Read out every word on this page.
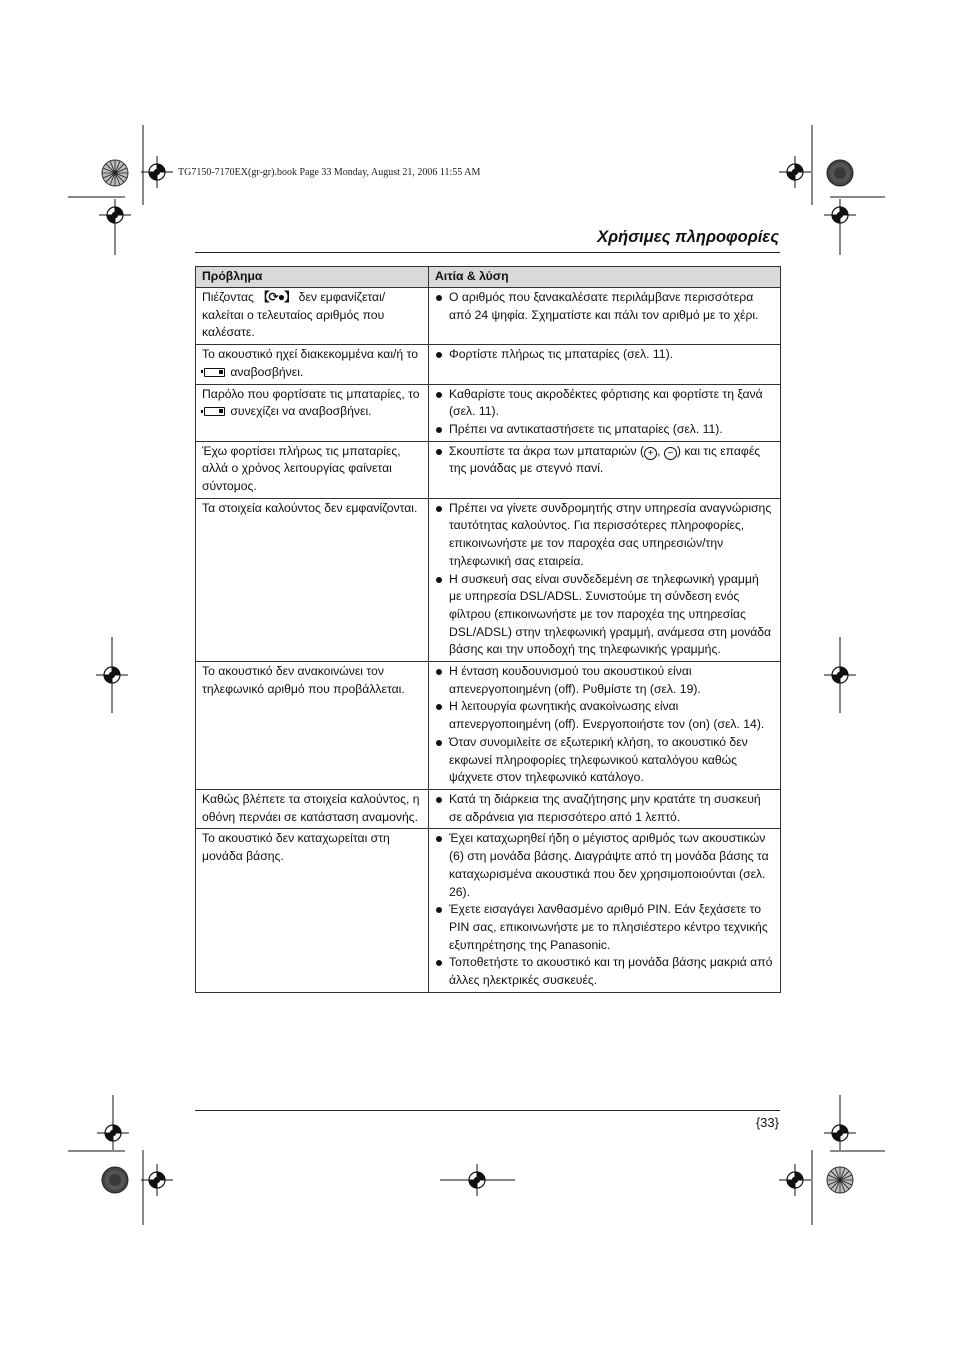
TG7150-7170EX(gr-gr).book Page 33 Monday, August 21, 2006 11:55 AM
Χρήσιμες πληροφορίες
Πρόβλημα	Αιτία & λύση
Πιέζοντας 【⟳●】 δεν εμφανίζεται/καλείται ο τελευταίος αριθμός που καλέσατε.	Ο αριθμός που ξανακαλέσατε περιλάμβανε περισσότερα από 24 ψηφία. Σχηματίστε και πάλι τον αριθμό με το χέρι.

Το ακουστικό ηχεί διακεκομμένα και/ή το  αναβοσβήνει.	Φορτίστε πλήρως τις μπαταρίες (σελ. 11).

Παρόλο που φορτίσατε τις μπαταρίες, το  συνεχίζει να αναβοσβήνει.	Καθαρίστε τους ακροδέκτες φόρτισης και φορτίστε τη ξανά (σελ. 11).
Πρέπει να αντικαταστήσετε τις μπαταρίες (σελ. 11).

Έχω φορτίσει πλήρως τις μπαταρίες, αλλά ο χρόνος λειτουργίας φαίνεται σύντομος.	Σκουπίστε τα άκρα των μπαταριών ( + , − ) και τις επαφές της μονάδας με στεγνό πανί.

Τα στοιχεία καλούντος δεν εμφανίζονται.	Πρέπει να γίνετε συνδρομητής στην υπηρεσία αναγνώρισης ταυτότητας καλούντος. Για περισσότερες πληροφορίες, επικοινωνήστε με τον παροχέα σας υπηρεσιών/την τηλεφωνική σας εταιρεία.
Η συσκευή σας είναι συνδεδεμένη σε τηλεφωνική γραμμή με υπηρεσία DSL/ADSL. Συνιστούμε τη σύνδεση ενός φίλτρου (επικοινωνήστε με τον παροχέα της υπηρεσίας DSL/ADSL) στην τηλεφωνική γραμμή, ανάμεσα στη μονάδα βάσης και την υποδοχή της τηλεφωνικής γραμμής.

Το ακουστικό δεν ανακοινώνει τον τηλεφωνικό αριθμό που προβάλλεται.	Η ένταση κουδουνισμού του ακουστικού είναι απενεργοποιημένη (off). Ρυθμίστε τη (σελ. 19).
Η λειτουργία φωνητικής ανακοίνωσης είναι απενεργοποιημένη (off). Ενεργοποιήστε τον (on) (σελ. 14).
Όταν συνομιλείτε σε εξωτερική κλήση, το ακουστικό δεν εκφωνεί πληροφορίες τηλεφωνικού καταλόγου καθώς ψάχνετε στον τηλεφωνικό κατάλογο.

Καθώς βλέπετε τα στοιχεία καλούντος, η οθόνη περνάει σε κατάσταση αναμονής.	Κατά τη διάρκεια της αναζήτησης μην κρατάτε τη συσκευή σε αδράνεια για περισσότερο από 1 λεπτό.

Το ακουστικό δεν καταχωρείται στη μονάδα βάσης.	Έχει καταχωρηθεί ήδη ο μέγιστος αριθμός των ακουστικών (6) στη μονάδα βάσης. Διαγράψτε από τη μονάδα βάσης τα καταχωρισμένα ακουστικά που δεν χρησιμοποιούνται (σελ. 26).
Έχετε εισαγάγει λανθασμένο αριθμό PIN. Εάν ξεχάσετε το PIN σας, επικοινωνήστε με το πλησιέστερο κέντρο τεχνικής εξυπηρέτησης της Panasonic.
Τοποθετήστε το ακουστικό και τη μονάδα βάσης μακριά από άλλες ηλεκτρικές συσκευές.
{33}
